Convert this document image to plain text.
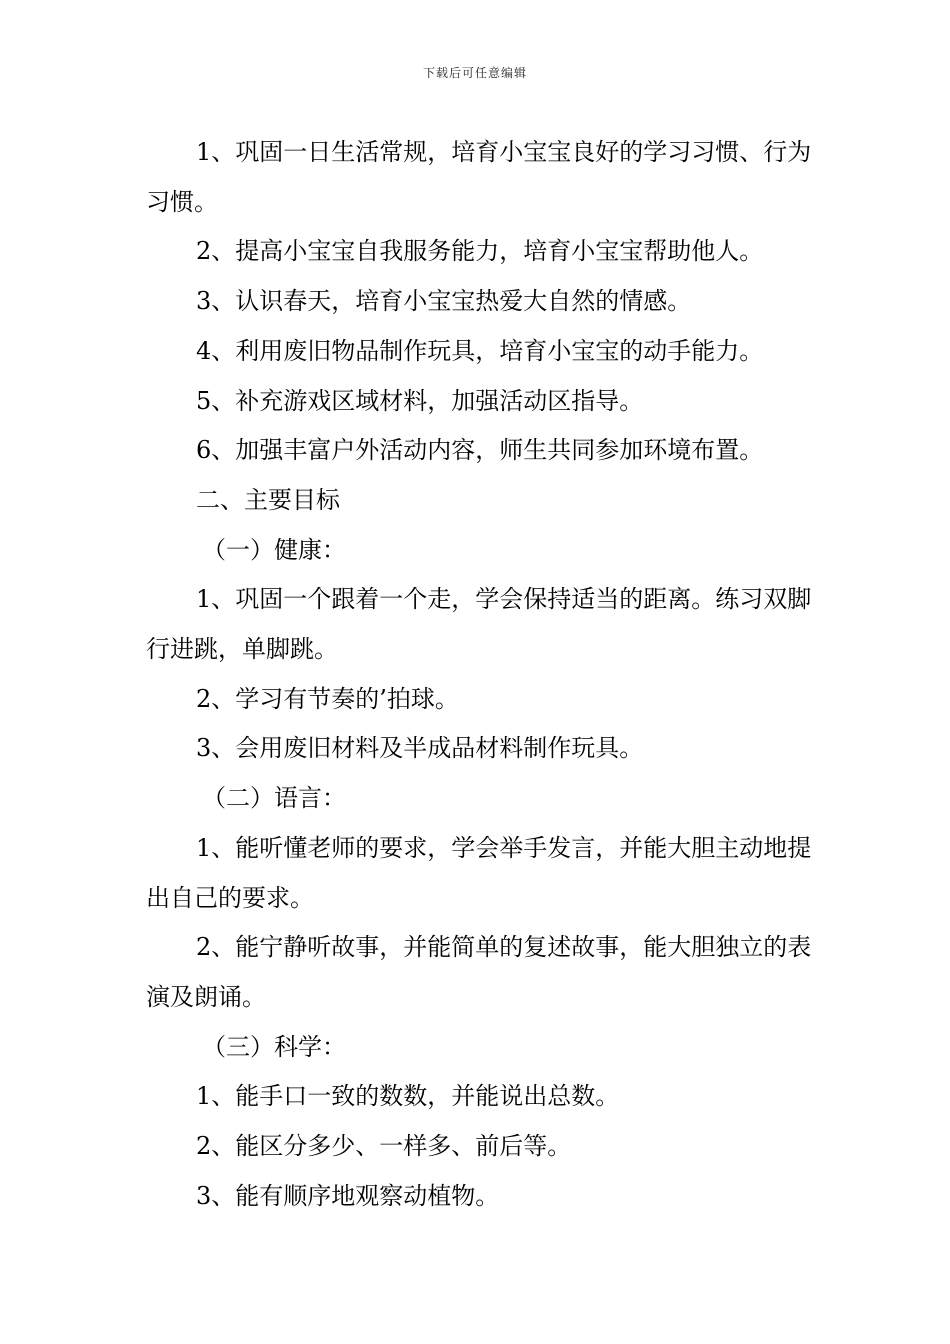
下载后可任意编辑

1、巩固一日生活常规，培育小宝宝良好的学习习惯、行为习惯。

2、提高小宝宝自我服务能力，培育小宝宝帮助他人。

3、认识春天，培育小宝宝热爱大自然的情感。

4、利用废旧物品制作玩具，培育小宝宝的动手能力。

5、补充游戏区域材料，加强活动区指导。

6、加强丰富户外活动内容，师生共同参加环境布置。

二、主要目标

（一）健康：

1、巩固一个跟着一个走，学会保持适当的距离。练习双脚行进跳，单脚跳。

2、学习有节奏的’拍球。

3、会用废旧材料及半成品材料制作玩具。

（二）语言：

1、能听懂老师的要求，学会举手发言，并能大胆主动地提出自己的要求。

2、能宁静听故事，并能简单的复述故事，能大胆独立的表演及朗诵。

（三）科学：

1、能手口一致的数数，并能说出总数。

2、能区分多少、一样多、前后等。

3、能有顺序地观察动植物。
